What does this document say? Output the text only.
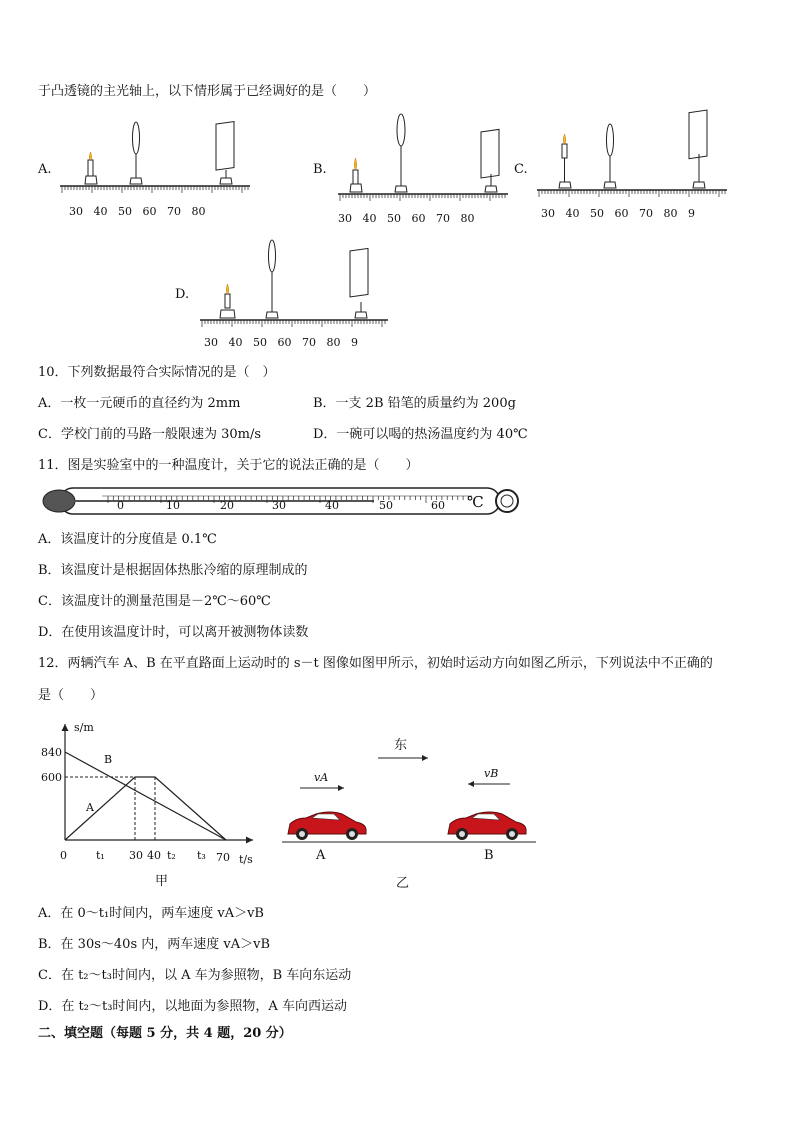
于凸透镜的主光轴上，以下情形属于已经调好的是（　　）
A.	B.	C.
D.
30 40 50 60 70 80
30 40 50 60 70 80	30 40 50 60 70 80 9
30 40 50 60 70 80 9
10．下列数据最符合实际情况的是（　）
A．一枚一元硬币的直径约为 2mm	B．一支 2B 铅笔的质量约为 200g
C．学校门前的马路一般限速为 30m/s	D．一碗可以喝的热汤温度约为 40℃
11．图是实验室中的一种温度计，关于它的说法正确的是（　　）
0	10	20	30	40	50	60 ℃
A．该温度计的分度值是 0.1℃
B．该温度计是根据固体热胀冷缩的原理制成的
C．该温度计的测量范围是－2℃～60℃
D．在使用该温度计时，可以离开被测物体读数
12．两辆汽车 A、B 在平直路面上运动时的 s－t 图像如图甲所示，初始时运动方向如图乙所示，下列说法中不正确的
是（　　）
s/m
840
600
B
A
0	t₁ 30 40 t₂ t₃ 70 t/s
甲
东
vA	vB
A	B
乙
A．在 0～t₁时间内，两车速度 vA＞vB
B．在 30s～40s 内，两车速度 vA＞vB
C．在 t₂～t₃时间内，以 A 车为参照物，B 车向东运动
D．在 t₂～t₃时间内，以地面为参照物，A 车向西运动
二、填空题（每题 5 分，共 4 题，20 分）
